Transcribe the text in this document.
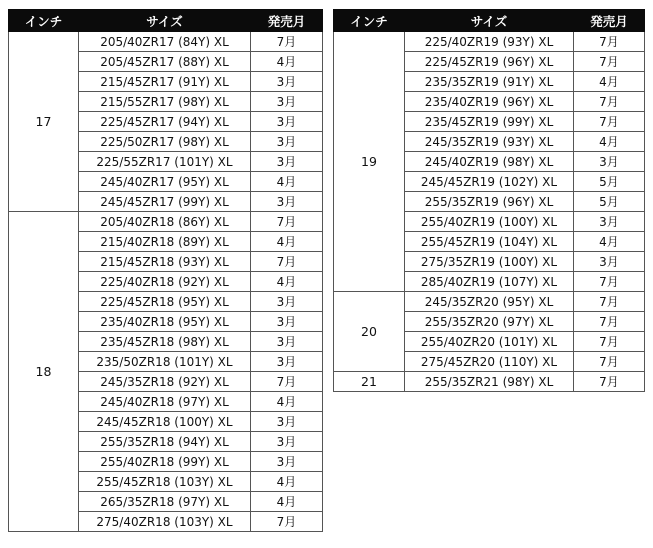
インチ	サイズ	発売月
17	205/40ZR17 (84Y) XL	7月
	205/45ZR17 (88Y) XL	4月
	215/45ZR17 (91Y) XL	3月
	215/55ZR17 (98Y) XL	3月
	225/45ZR17 (94Y) XL	3月
	225/50ZR17 (98Y) XL	3月
	225/55ZR17 (101Y) XL	3月
	245/40ZR17 (95Y) XL	4月
	245/45ZR17 (99Y) XL	3月
18	205/40ZR18 (86Y) XL	7月
	215/40ZR18 (89Y) XL	4月
	215/45ZR18 (93Y) XL	7月
	225/40ZR18 (92Y) XL	4月
	225/45ZR18 (95Y) XL	3月
	235/40ZR18 (95Y) XL	3月
	235/45ZR18 (98Y) XL	3月
	235/50ZR18 (101Y) XL	3月
	245/35ZR18 (92Y) XL	7月
	245/40ZR18 (97Y) XL	4月
	245/45ZR18 (100Y) XL	3月
	255/35ZR18 (94Y) XL	3月
	255/40ZR18 (99Y) XL	3月
	255/45ZR18 (103Y) XL	4月
	265/35ZR18 (97Y) XL	4月
	275/40ZR18 (103Y) XL	7月
インチ	サイズ	発売月
19	225/40ZR19 (93Y) XL	7月
	225/45ZR19 (96Y) XL	7月
	235/35ZR19 (91Y) XL	4月
	235/40ZR19 (96Y) XL	7月
	235/45ZR19 (99Y) XL	7月
	245/35ZR19 (93Y) XL	4月
	245/40ZR19 (98Y) XL	3月
	245/45ZR19 (102Y) XL	5月
	255/35ZR19 (96Y) XL	5月
	255/40ZR19 (100Y) XL	3月
	255/45ZR19 (104Y) XL	4月
	275/35ZR19 (100Y) XL	3月
	285/40ZR19 (107Y) XL	7月
20	245/35ZR20 (95Y) XL	7月
	255/35ZR20 (97Y) XL	7月
	255/40ZR20 (101Y) XL	7月
	275/45ZR20 (110Y) XL	7月
21	255/35ZR21 (98Y) XL	7月
